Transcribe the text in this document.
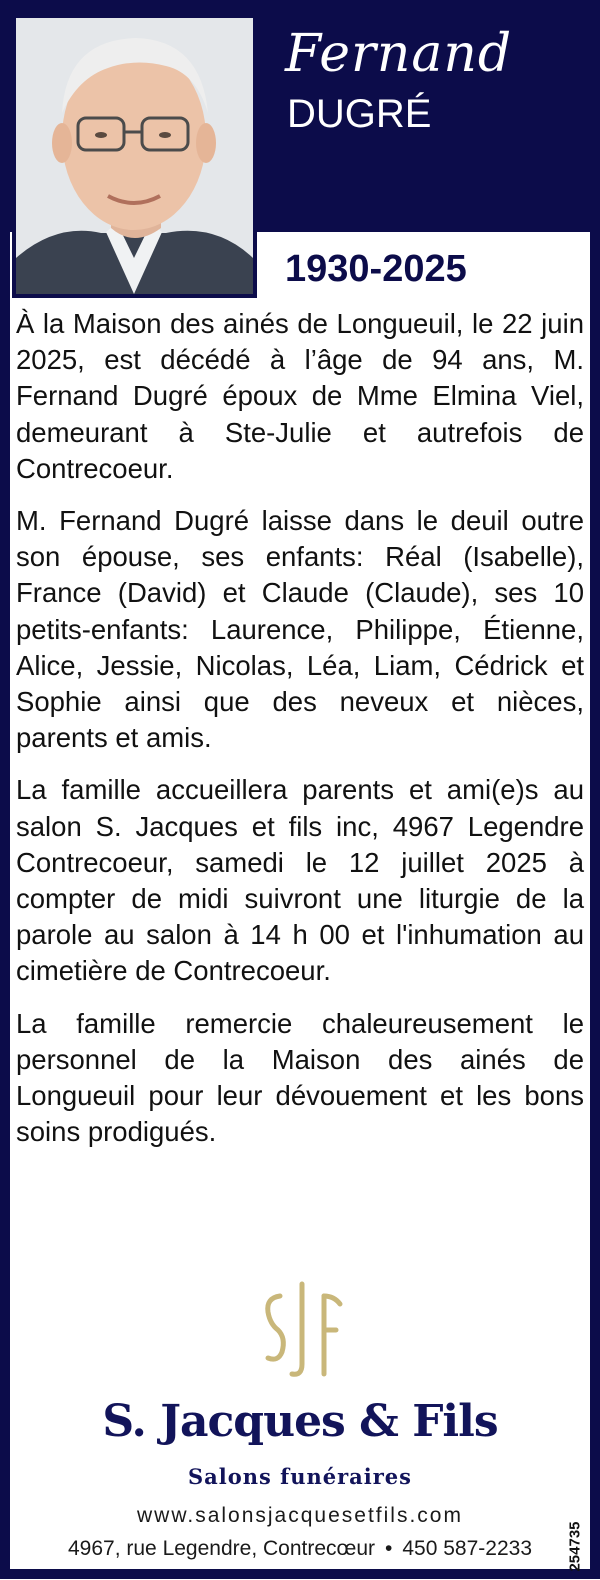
Fernand
DUGRÉ
1930-2025

À la Maison des ainés de Longueuil, le 22 juin 2025, est décédé à l’âge de 94 ans, M. Fernand Dugré époux de Mme Elmina Viel, demeurant à Ste-Julie et autrefois de Contrecoeur.

M. Fernand Dugré laisse dans le deuil outre son épouse, ses enfants: Réal (Isabelle), France (David) et Claude (Claude), ses 10 petits-enfants: Laurence, Philippe, Étienne, Alice, Jessie, Nicolas, Léa, Liam, Cédrick et Sophie ainsi que des neveux et nièces, parents et amis.

La famille accueillera parents et ami(e)s au salon S. Jacques et fils inc, 4967 Legendre Contrecoeur, samedi le 12 juillet 2025 à compter de midi suivront une liturgie de la parole au salon à 14 h 00 et l'inhumation au cimetière de Contrecoeur.

La famille remercie chaleureusement le personnel de la Maison des ainés de Longueuil pour leur dévouement et les bons soins prodigués.

SJF
S. Jacques & Fils
Salons funéraires
www.salonsjacquesetfils.com
4967, rue Legendre, Contrecœur • 450 587-2233	254735
